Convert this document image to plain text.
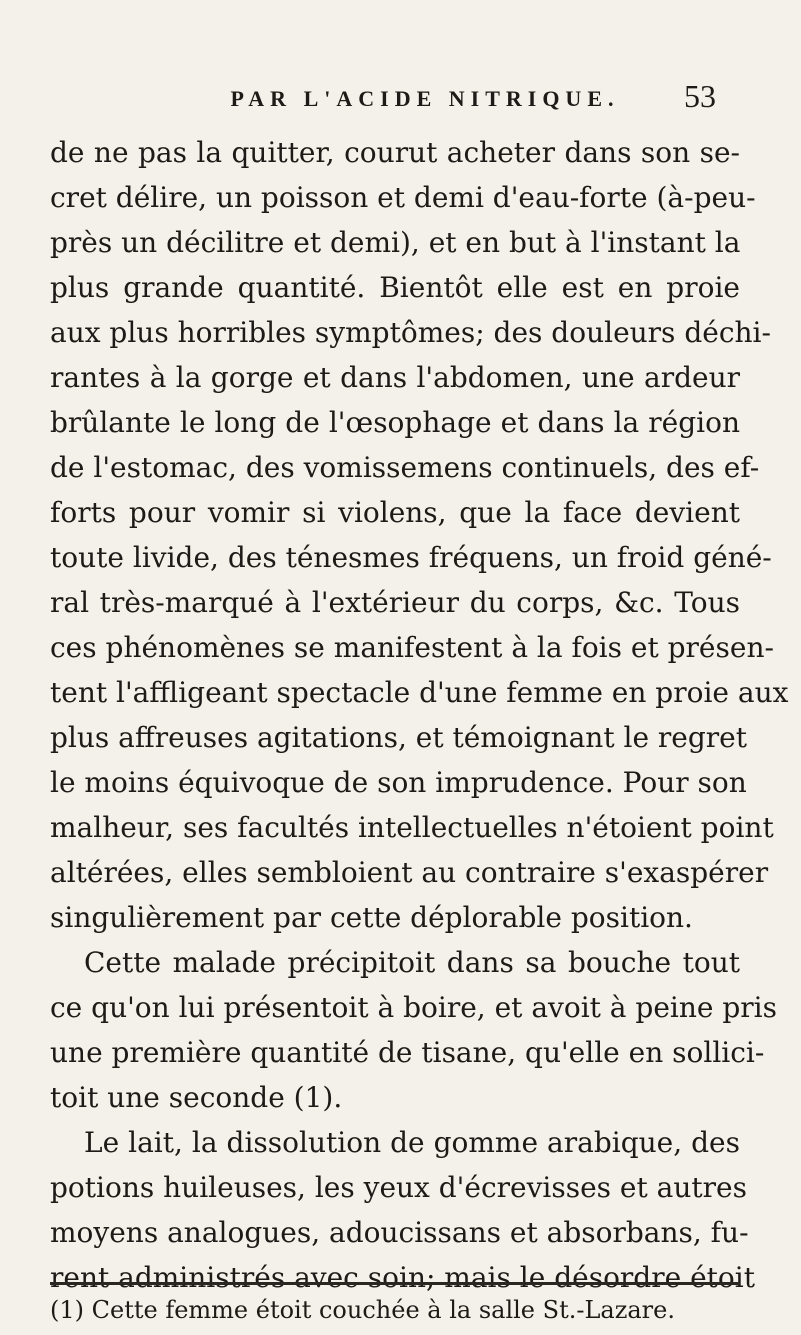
PAR L'ACIDE NITRIQUE.	53
de ne pas la quitter, courut acheter dans son se-
cret délire, un poisson et demi d'eau-forte (à-peu-
près un décilitre et demi), et en but à l'instant la
plus grande quantité. Bientôt elle est en proie
aux plus horribles symptômes; des douleurs déchi-
rantes à la gorge et dans l'abdomen, une ardeur
brûlante le long de l'œsophage et dans la région
de l'estomac, des vomissemens continuels, des ef-
forts pour vomir si violens, que la face devient
toute livide, des ténesmes fréquens, un froid géné-
ral très-marqué à l'extérieur du corps, &c. Tous
ces phénomènes se manifestent à la fois et présen-
tent l'affligeant spectacle d'une femme en proie aux
plus affreuses agitations, et témoignant le regret
le moins équivoque de son imprudence. Pour son
malheur, ses facultés intellectuelles n'étoient point
altérées, elles sembloient au contraire s'exaspérer
singulièrement par cette déplorable position.
Cette malade précipitoit dans sa bouche tout
ce qu'on lui présentoit à boire, et avoit à peine pris
une première quantité de tisane, qu'elle en sollici-
toit une seconde (1).
Le lait, la dissolution de gomme arabique, des
potions huileuses, les yeux d'écrevisses et autres
moyens analogues, adoucissans et absorbans, fu-
rent administrés avec soin; mais le désordre étoit
(1) Cette femme étoit couchée à la salle St.-Lazare.
